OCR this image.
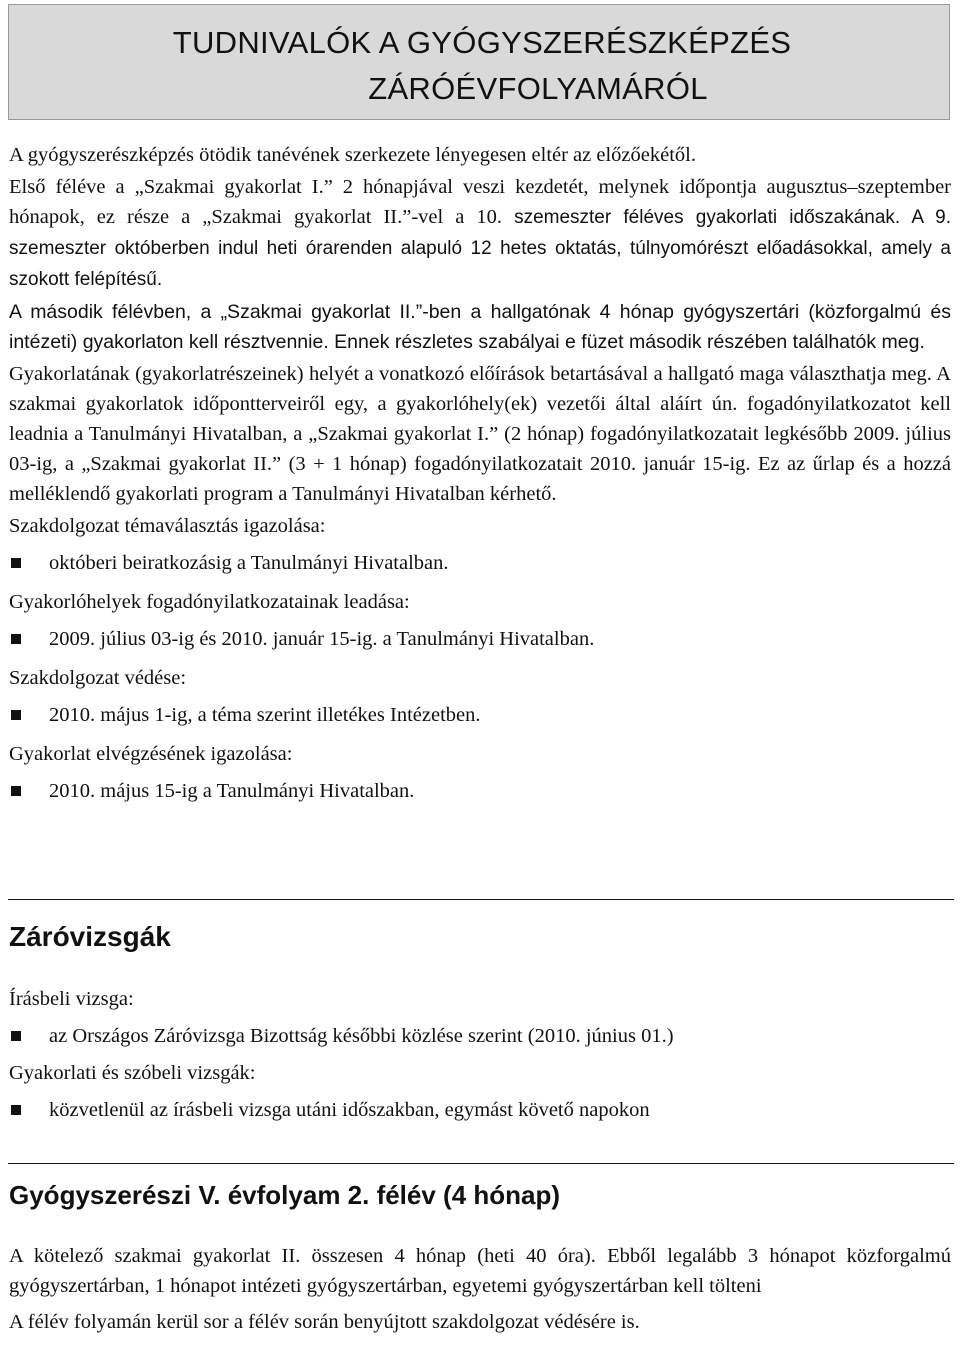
TUDNIVALÓK A GYÓGYSZERÉSZKÉPZÉS
ZÁRÓÉVFOLYAMÁRÓL

A gyógyszerészképzés ötödik tanévének szerkezete lényegesen eltér az előzőekétől.

Első féléve a „Szakmai gyakorlat I.” 2 hónapjával veszi kezdetét, melynek időpontja augusztus–szeptember hónapok, ez része a „Szakmai gyakorlat II.”-vel a 10. szemeszter féléves gyakorlati időszakának. A 9. szemeszter októberben indul heti órarenden alapuló 12 hetes oktatás, túlnyomórészt előadásokkal, amely a szokott felépítésű.

A második félévben, a „Szakmai gyakorlat II.”-ben a hallgatónak 4 hónap gyógyszertári (közforgalmú és intézeti) gyakorlaton kell résztvennie. Ennek részletes szabályai e füzet második részében találhatók meg.

Gyakorlatának (gyakorlatrészeinek) helyét a vonatkozó előírások betartásával a hallgató maga választhatja meg. A szakmai gyakorlatok időpontterveiről egy, a gyakorlóhely(ek) vezetői által aláírt ún. fogadónyilatkozatot kell leadnia a Tanulmányi Hivatalban, a „Szakmai gyakorlat I.” (2 hónap) fogadónyilatkozatait legkésőbb 2009. július 03-ig, a „Szakmai gyakorlat II.” (3 + 1 hónap) fogadónyilatkozatait 2010. január 15-ig. Ez az űrlap és a hozzá melléklendő gyakorlati program a Tanulmányi Hivatalban kérhető.

Szakdolgozat témaválasztás igazolása:

októberi beiratkozásig a Tanulmányi Hivatalban.

Gyakorlóhelyek fogadónyilatkozatainak leadása:

2009. július 03-ig és 2010. január 15-ig. a Tanulmányi Hivatalban.

Szakdolgozat védése:

2010. május 1-ig, a téma szerint illetékes Intézetben.

Gyakorlat elvégzésének igazolása:

2010. május 15-ig a Tanulmányi Hivatalban.
Záróvizsgák

Írásbeli vizsga:

az Országos Záróvizsga Bizottság későbbi közlése szerint (2010. június 01.)

Gyakorlati és szóbeli vizsgák:

közvetlenül az írásbeli vizsga utáni időszakban, egymást követő napokon
Gyógyszerészi V. évfolyam 2. félév (4 hónap)

A kötelező szakmai gyakorlat II. összesen 4 hónap (heti 40 óra). Ebből legalább 3 hónapot közforgalmú gyógyszertárban, 1 hónapot intézeti gyógyszertárban, egyetemi gyógyszertárban kell tölteni

A félév folyamán kerül sor a félév során benyújtott szakdolgozat védésére is.
